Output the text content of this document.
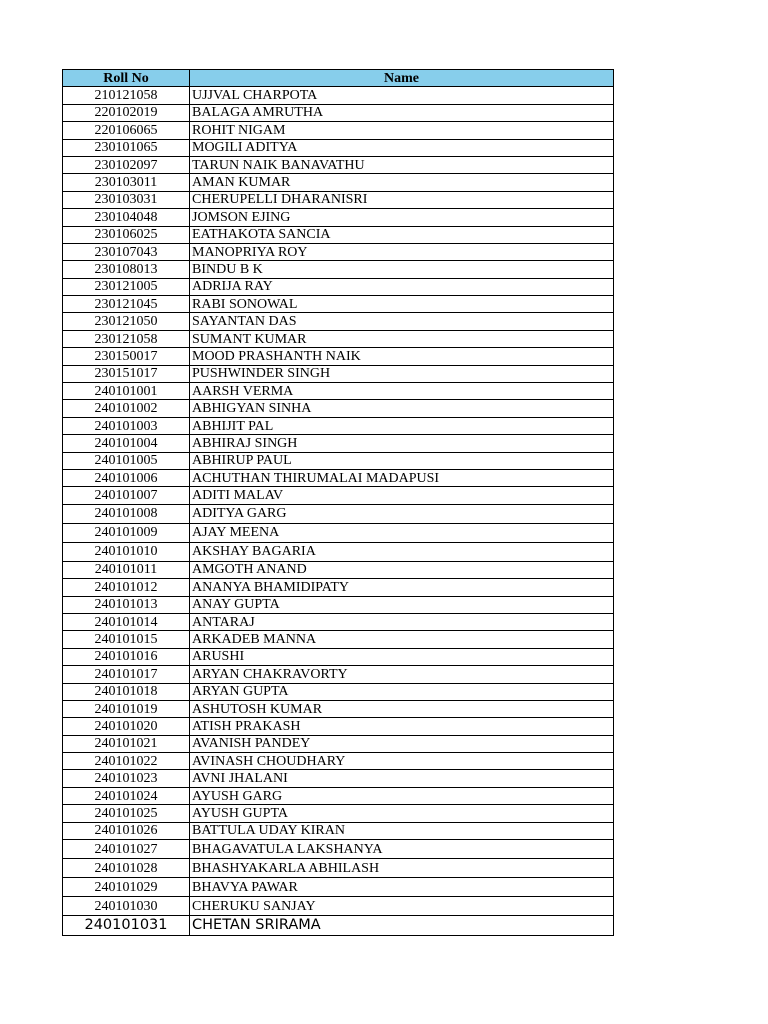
Roll No	Name
210121058	UJJVAL CHARPOTA
220102019	BALAGA AMRUTHA
220106065	ROHIT NIGAM
230101065	MOGILI ADITYA
230102097	TARUN NAIK BANAVATHU
230103011	AMAN KUMAR
230103031	CHERUPELLI DHARANISRI
230104048	JOMSON EJING
230106025	EATHAKOTA SANCIA
230107043	MANOPRIYA ROY
230108013	BINDU B K
230121005	ADRIJA RAY
230121045	RABI SONOWAL
230121050	SAYANTAN DAS
230121058	SUMANT KUMAR
230150017	MOOD PRASHANTH NAIK
230151017	PUSHWINDER SINGH
240101001	AARSH VERMA
240101002	ABHIGYAN SINHA
240101003	ABHIJIT PAL
240101004	ABHIRAJ SINGH
240101005	ABHIRUP PAUL
240101006	ACHUTHAN THIRUMALAI MADAPUSI
240101007	ADITI MALAV
240101008	ADITYA GARG
240101009	AJAY MEENA
240101010	AKSHAY BAGARIA
240101011	AMGOTH ANAND
240101012	ANANYA BHAMIDIPATY
240101013	ANAY GUPTA
240101014	ANTARAJ
240101015	ARKADEB MANNA
240101016	ARUSHI
240101017	ARYAN CHAKRAVORTY
240101018	ARYAN GUPTA
240101019	ASHUTOSH KUMAR
240101020	ATISH PRAKASH
240101021	AVANISH PANDEY
240101022	AVINASH CHOUDHARY
240101023	AVNI JHALANI
240101024	AYUSH GARG
240101025	AYUSH GUPTA
240101026	BATTULA UDAY KIRAN
240101027	BHAGAVATULA LAKSHANYA
240101028	BHASHYAKARLA ABHILASH
240101029	BHAVYA PAWAR
240101030	CHERUKU SANJAY
240101031	CHETAN SRIRAMA
